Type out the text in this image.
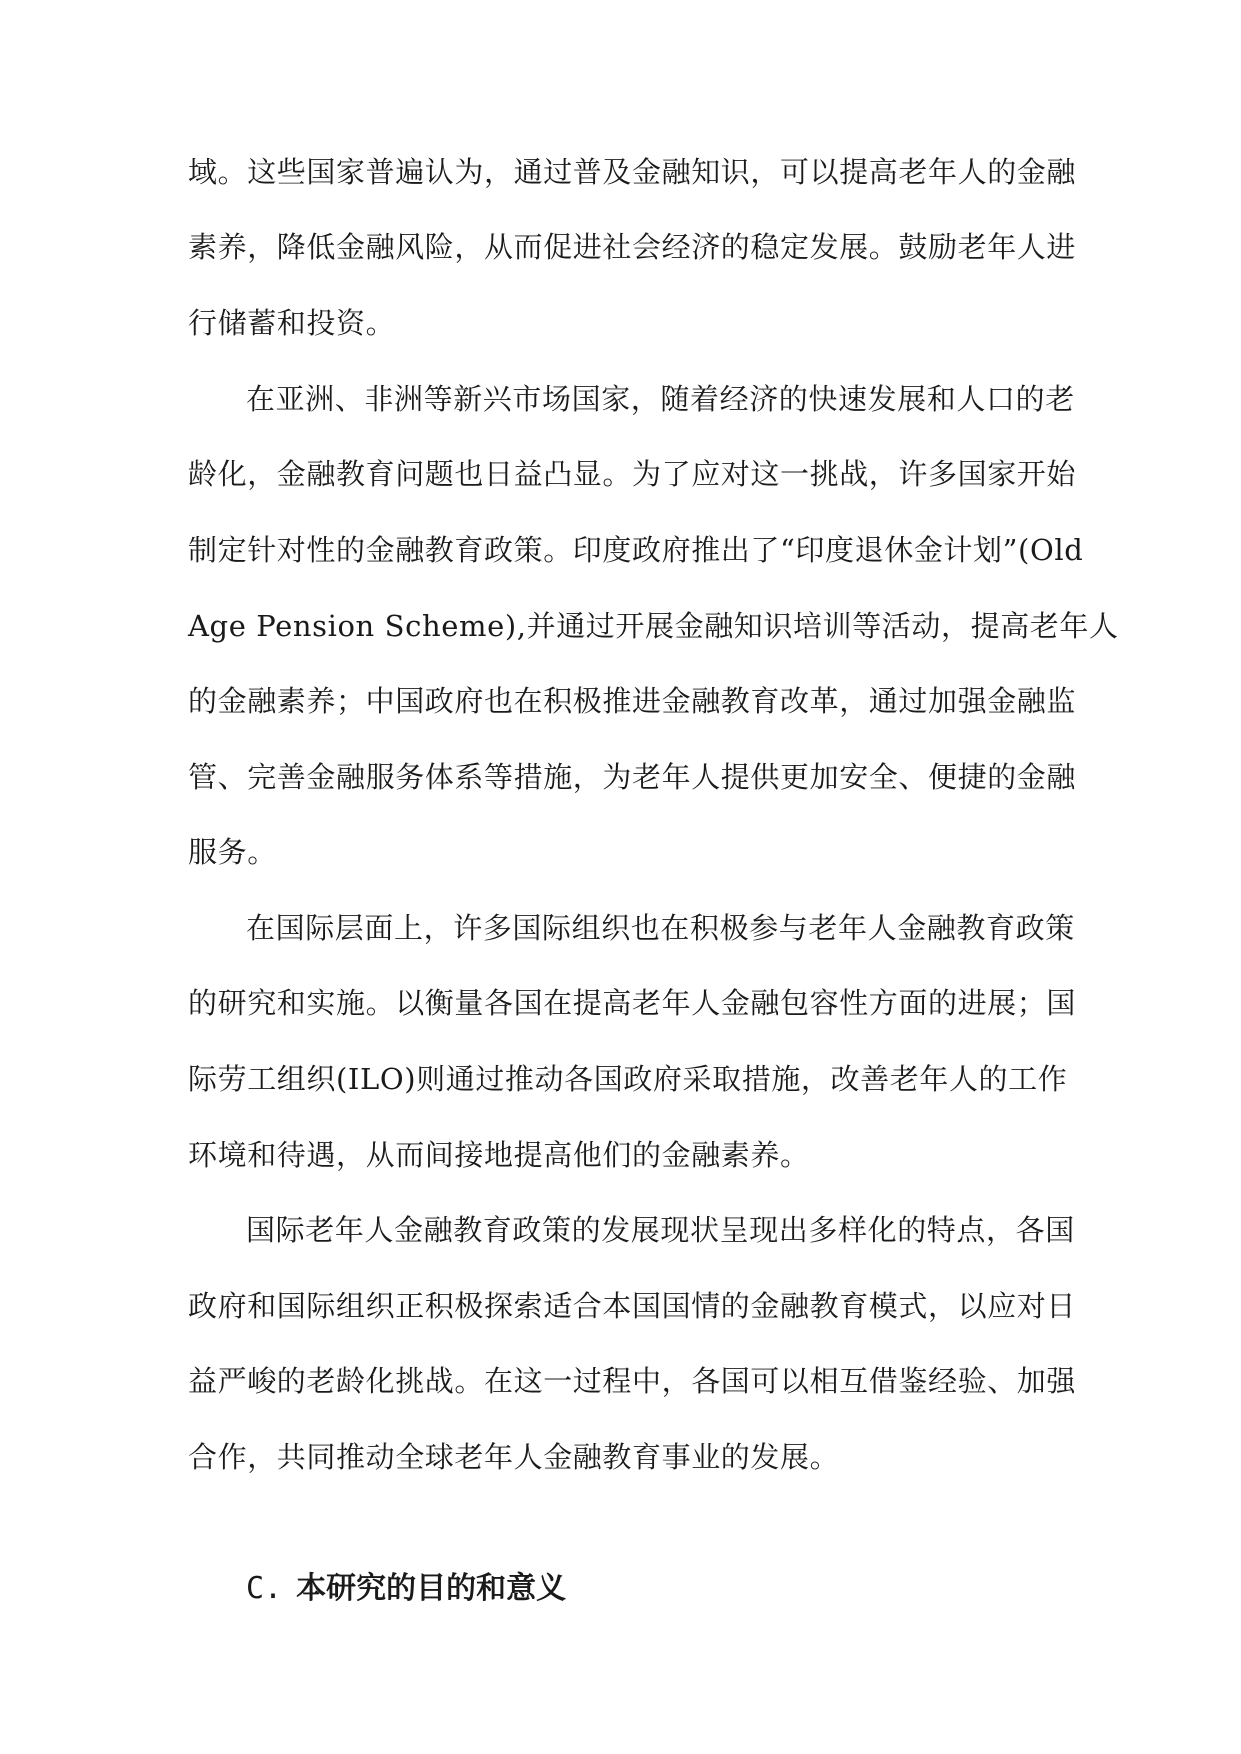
域。这些国家普遍认为，通过普及金融知识，可以提高老年人的金融
素养，降低金融风险，从而促进社会经济的稳定发展。鼓励老年人进
行储蓄和投资。
在亚洲、非洲等新兴市场国家，随着经济的快速发展和人口的老
龄化，金融教育问题也日益凸显。为了应对这一挑战，许多国家开始
制定针对性的金融教育政策。印度政府推出了“印度退休金计划”(Old
Age Pension Scheme),并通过开展金融知识培训等活动，提高老年人
的金融素养；中国政府也在积极推进金融教育改革，通过加强金融监
管、完善金融服务体系等措施，为老年人提供更加安全、便捷的金融
服务。
在国际层面上，许多国际组织也在积极参与老年人金融教育政策
的研究和实施。以衡量各国在提高老年人金融包容性方面的进展；国
际劳工组织(ILO)则通过推动各国政府采取措施，改善老年人的工作
环境和待遇，从而间接地提高他们的金融素养。
国际老年人金融教育政策的发展现状呈现出多样化的特点，各国
政府和国际组织正积极探索适合本国国情的金融教育模式，以应对日
益严峻的老龄化挑战。在这一过程中，各国可以相互借鉴经验、加强
合作，共同推动全球老年人金融教育事业的发展。
C. 本研究的目的和意义
